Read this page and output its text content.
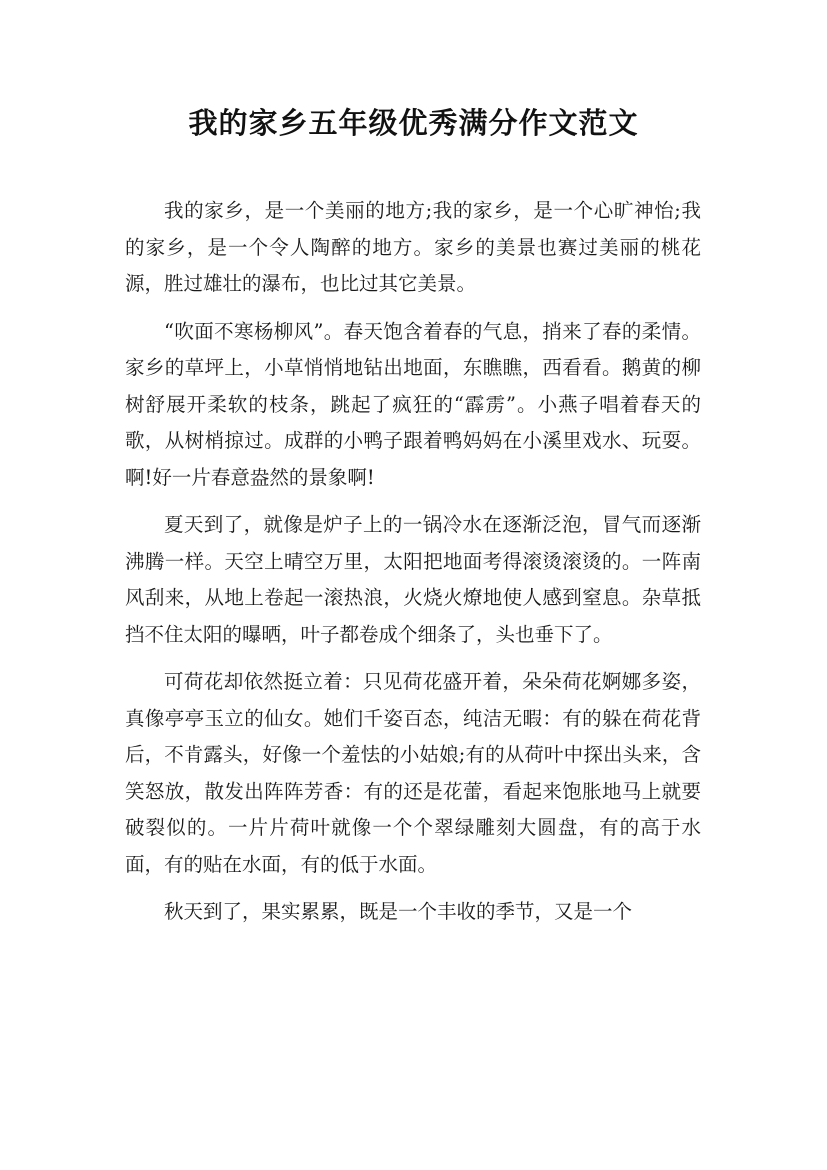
我的家乡五年级优秀满分作文范文

我的家乡，是一个美丽的地方;我的家乡，是一个心旷神怡;我的家乡，是一个令人陶醉的地方。家乡的美景也赛过美丽的桃花源，胜过雄壮的瀑布，也比过其它美景。

“吹面不寒杨柳风”。春天饱含着春的气息，捎来了春的柔情。家乡的草坪上，小草悄悄地钻出地面，东瞧瞧，西看看。鹅黄的柳树舒展开柔软的枝条，跳起了疯狂的“霹雳”。小燕子唱着春天的歌，从树梢掠过。成群的小鸭子跟着鸭妈妈在小溪里戏水、玩耍。啊!好一片春意盎然的景象啊!

夏天到了，就像是炉子上的一锅冷水在逐渐泛泡，冒气而逐渐沸腾一样。天空上晴空万里，太阳把地面考得滚烫滚烫的。一阵南风刮来，从地上卷起一滚热浪，火烧火燎地使人感到窒息。杂草抵挡不住太阳的曝晒，叶子都卷成个细条了，头也垂下了。

可荷花却依然挺立着：只见荷花盛开着，朵朵荷花婀娜多姿，真像亭亭玉立的仙女。她们千姿百态，纯洁无暇：有的躲在荷花背后，不肯露头，好像一个羞怯的小姑娘;有的从荷叶中探出头来，含笑怒放，散发出阵阵芳香：有的还是花蕾，看起来饱胀地马上就要破裂似的。一片片荷叶就像一个个翠绿雕刻大圆盘，有的高于水面，有的贴在水面，有的低于水面。

秋天到了，果实累累，既是一个丰收的季节，又是一个
